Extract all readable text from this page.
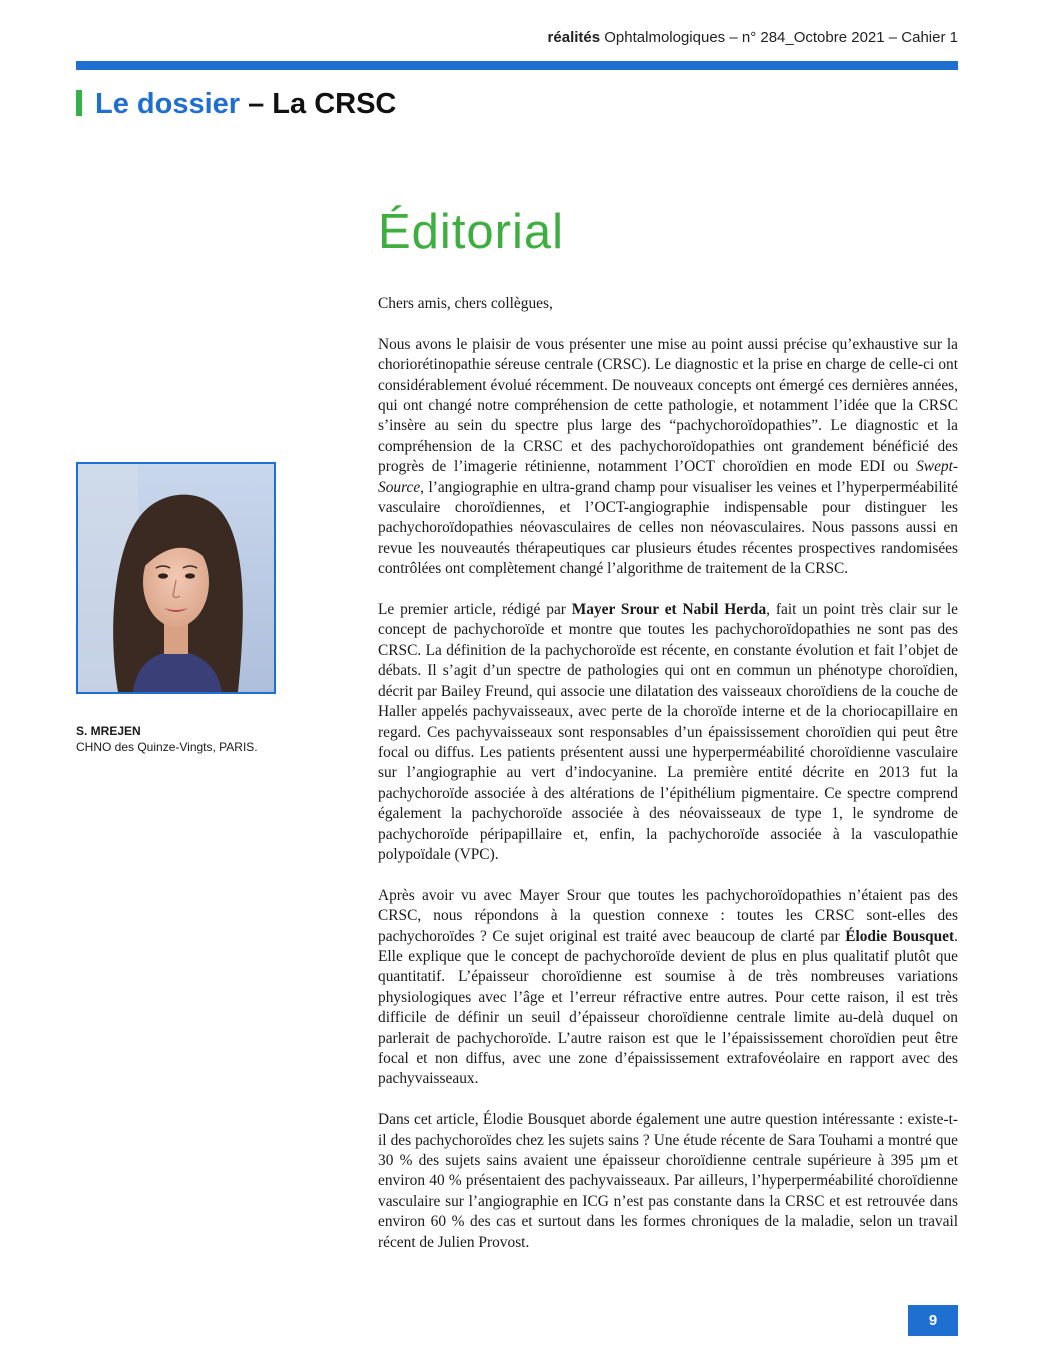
réalités Ophtalmologiques – n° 284_Octobre 2021 – Cahier 1
Le dossier – La CRSC
Éditorial
S. MREJEN
CHNO des Quinze-Vingts, PARIS.

Chers amis, chers collègues,

Nous avons le plaisir de vous présenter une mise au point aussi précise qu’exhaustive sur la choriorétinopathie séreuse centrale (CRSC). Le diagnostic et la prise en charge de celle-ci ont considérablement évolué récemment. De nouveaux concepts ont émergé ces dernières années, qui ont changé notre compréhension de cette pathologie, et notamment l’idée que la CRSC s’insère au sein du spectre plus large des “pachychoroïdopathies”. Le diagnostic et la compréhension de la CRSC et des pachychoroïdopathies ont grandement bénéficié des progrès de l’imagerie rétinienne, notamment l’OCT choroïdien en mode EDI ou Swept-Source, l’angiographie en ultra-grand champ pour visualiser les veines et l’hyperperméabilité vasculaire choroïdiennes, et l’OCT-angiographie indispensable pour distinguer les pachychoroïdopathies néovasculaires de celles non néovasculaires. Nous passons aussi en revue les nouveautés thérapeutiques car plusieurs études récentes prospectives randomisées contrôlées ont complètement changé l’algorithme de traitement de la CRSC.

Le premier article, rédigé par Mayer Srour et Nabil Herda, fait un point très clair sur le concept de pachychoroïde et montre que toutes les pachychoroïdopathies ne sont pas des CRSC. La définition de la pachychoroïde est récente, en constante évolution et fait l’objet de débats. Il s’agit d’un spectre de pathologies qui ont en commun un phénotype choroïdien, décrit par Bailey Freund, qui associe une dilatation des vaisseaux choroïdiens de la couche de Haller appelés pachyvaisseaux, avec perte de la choroïde interne et de la choriocapillaire en regard. Ces pachyvaisseaux sont responsables d’un épaississement choroïdien qui peut être focal ou diffus. Les patients présentent aussi une hyperperméabilité choroïdienne vasculaire sur l’angiographie au vert d’indocyanine. La première entité décrite en 2013 fut la pachychoroïde associée à des altérations de l’épithélium pigmentaire. Ce spectre comprend également la pachychoroïde associée à des néovaisseaux de type 1, le syndrome de pachychoroïde péripapillaire et, enfin, la pachychoroïde associée à la vasculopathie polypoïdale (VPC).

Après avoir vu avec Mayer Srour que toutes les pachychoroïdopathies n’étaient pas des CRSC, nous répondons à la question connexe : toutes les CRSC sont-elles des pachychoroïdes ? Ce sujet original est traité avec beaucoup de clarté par Élodie Bousquet. Elle explique que le concept de pachychoroïde devient de plus en plus qualitatif plutôt que quantitatif. L’épaisseur choroïdienne est soumise à de très nombreuses variations physiologiques avec l’âge et l’erreur réfractive entre autres. Pour cette raison, il est très difficile de définir un seuil d’épaisseur choroïdienne centrale limite au-delà duquel on parlerait de pachychoroïde. L’autre raison est que le l’épaississement choroïdien peut être focal et non diffus, avec une zone d’épaississement extrafovéolaire en rapport avec des pachyvaisseaux.

Dans cet article, Élodie Bousquet aborde également une autre question intéressante : existe-t-il des pachychoroïdes chez les sujets sains ? Une étude récente de Sara Touhami a montré que 30 % des sujets sains avaient une épaisseur choroïdienne centrale supérieure à 395 µm et environ 40 % présentaient des pachyvaisseaux. Par ailleurs, l’hyperperméabilité choroïdienne vasculaire sur l’angiographie en ICG n’est pas constante dans la CRSC et est retrouvée dans environ 60 % des cas et surtout dans les formes chroniques de la maladie, selon un travail récent de Julien Provost.

9
